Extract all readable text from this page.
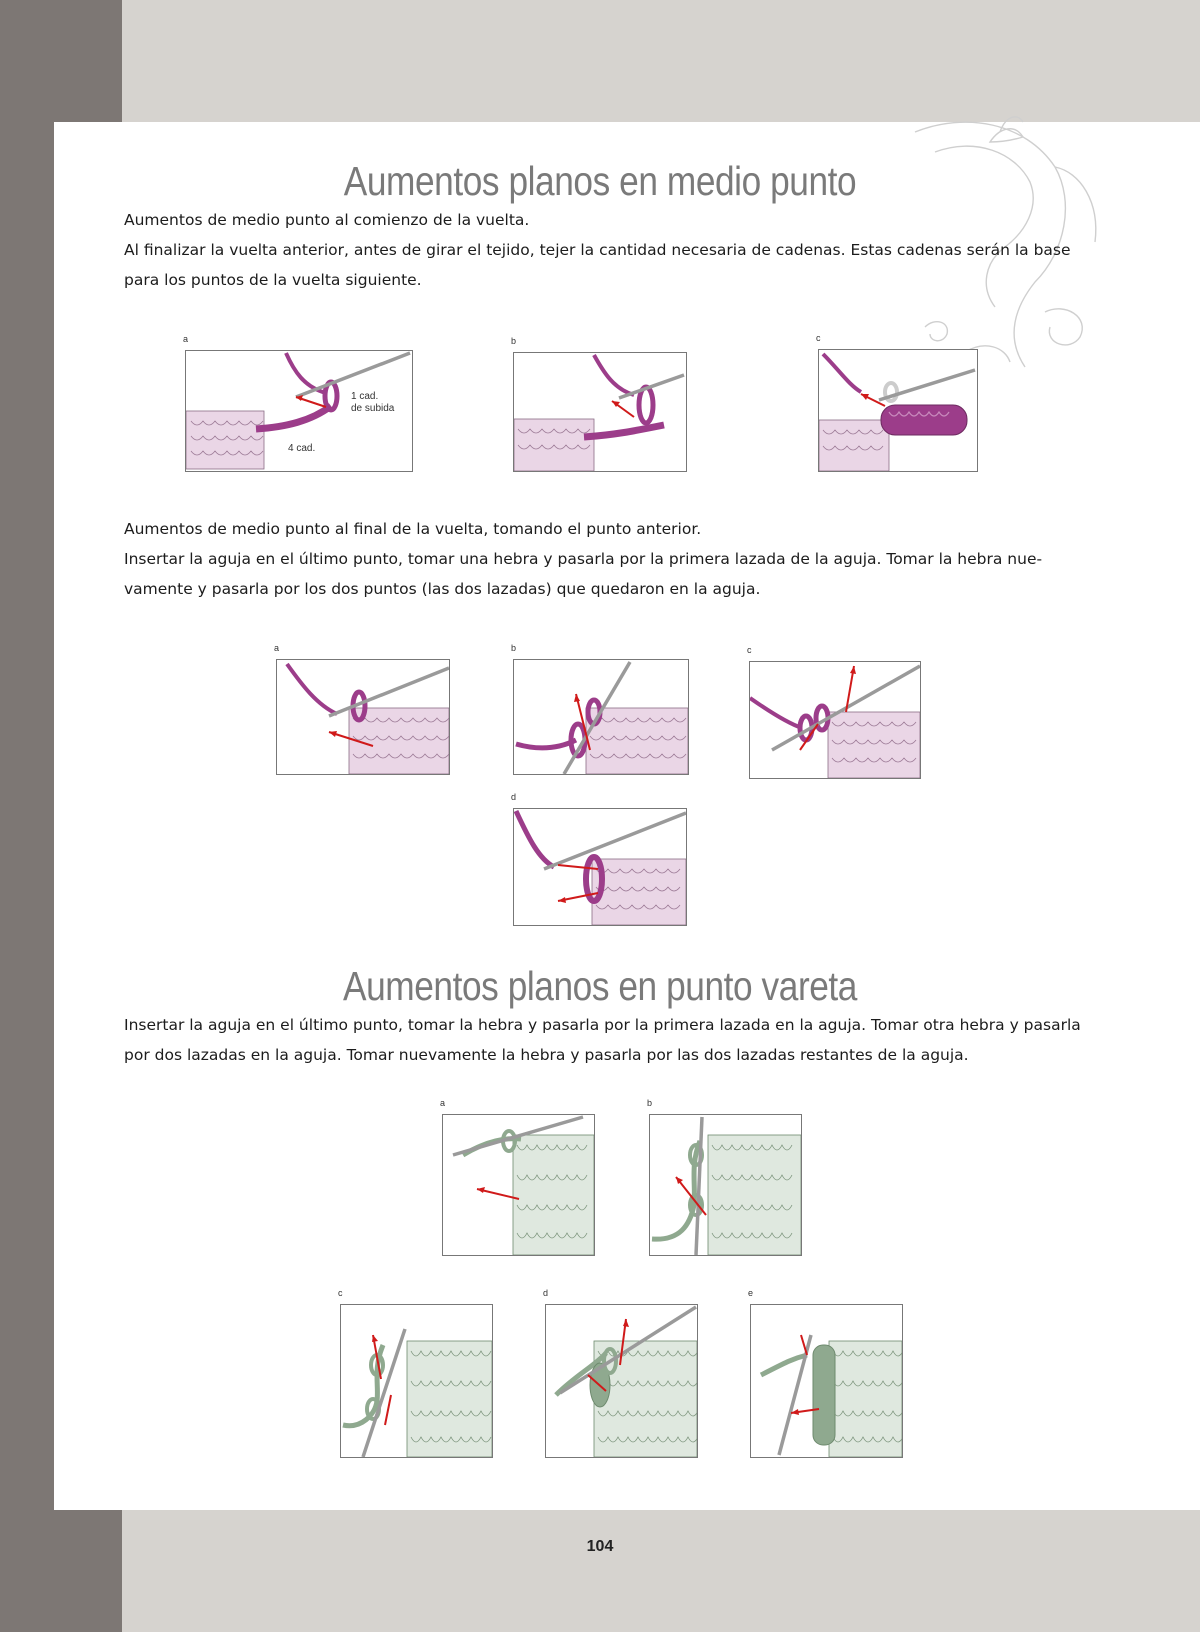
Aumentos planos en medio punto
Aumentos de medio punto al comienzo de la vuelta.
Al finalizar la vuelta anterior, antes de girar el tejido, tejer la cantidad necesaria de cadenas. Estas cadenas serán la base
para los puntos de la vuelta siguiente.
a
1 cad.
de subida
4 cad.
b	c
Aumentos de medio punto al final de la vuelta, tomando el punto anterior.
Insertar la aguja en el último punto, tomar una hebra y pasarla por la primera lazada de la aguja. Tomar la hebra nue-
vamente y pasarla por los dos puntos (las dos lazadas) que quedaron en la aguja.
a	b	c
d
Aumentos planos en punto vareta
Insertar la aguja en el último punto, tomar la hebra y pasarla por la primera lazada en la aguja. Tomar otra hebra y pasarla
por dos lazadas en la aguja. Tomar nuevamente la hebra y pasarla por las dos lazadas restantes de la aguja.
a	b
c	d	e
104
